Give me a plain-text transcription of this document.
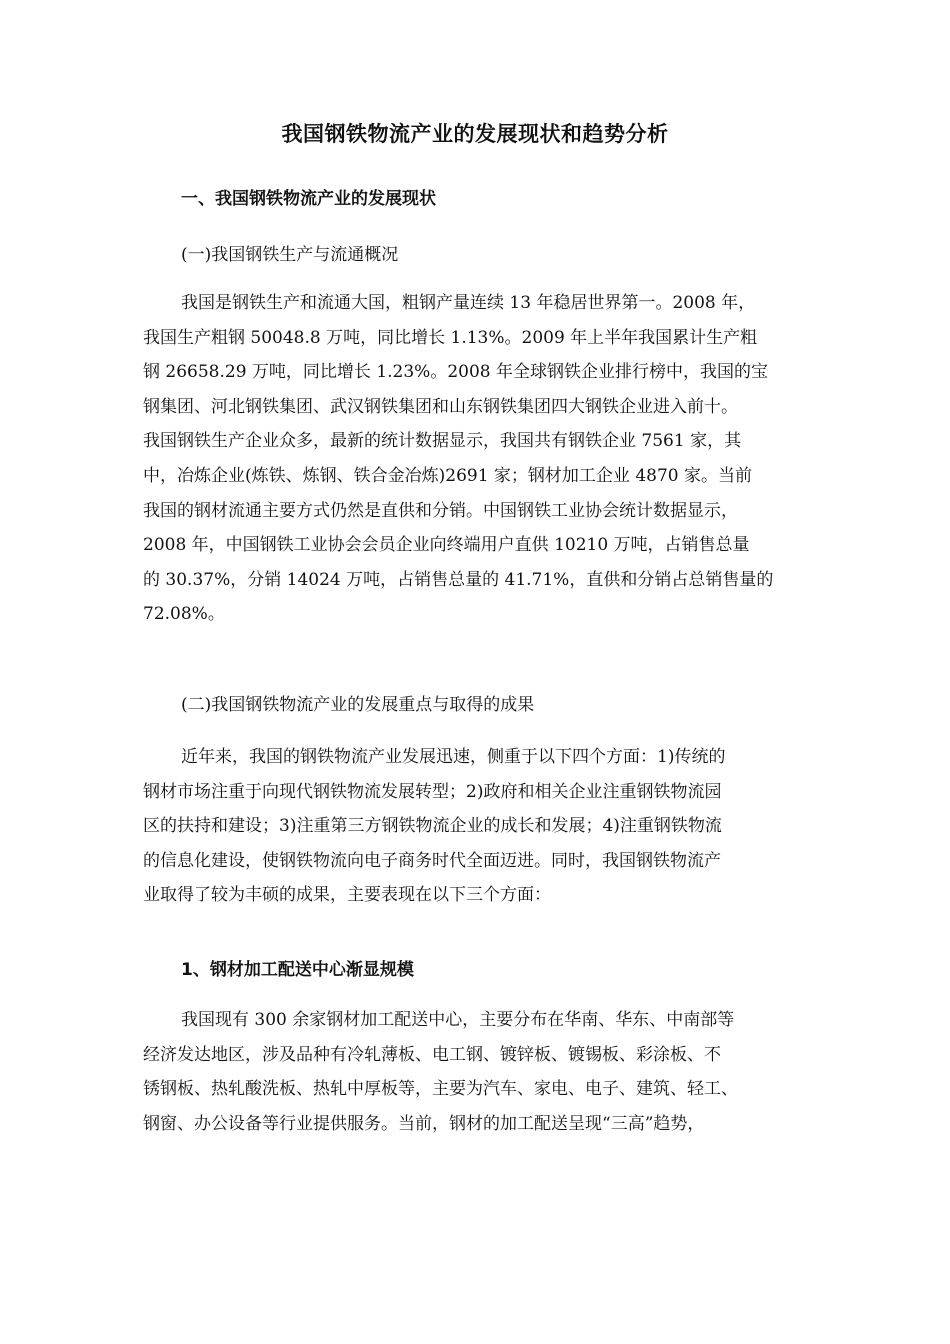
我国钢铁物流产业的发展现状和趋势分析
一、我国钢铁物流产业的发展现状
(一)我国钢铁生产与流通概况
我国是钢铁生产和流通大国，粗钢产量连续 13 年稳居世界第一。2008 年，
我国生产粗钢 50048.8 万吨，同比增长 1.13%。2009 年上半年我国累计生产粗
钢 26658.29 万吨，同比增长 1.23%。2008 年全球钢铁企业排行榜中，我国的宝
钢集团、河北钢铁集团、武汉钢铁集团和山东钢铁集团四大钢铁企业进入前十。
我国钢铁生产企业众多，最新的统计数据显示，我国共有钢铁企业 7561 家，其
中，冶炼企业(炼铁、炼钢、铁合金冶炼)2691 家；钢材加工企业 4870 家。当前
我国的钢材流通主要方式仍然是直供和分销。中国钢铁工业协会统计数据显示，
2008 年，中国钢铁工业协会会员企业向终端用户直供 10210 万吨，占销售总量
的 30.37%，分销 14024 万吨，占销售总量的 41.71%，直供和分销占总销售量的
72.08%。
(二)我国钢铁物流产业的发展重点与取得的成果
近年来，我国的钢铁物流产业发展迅速，侧重于以下四个方面：1)传统的
钢材市场注重于向现代钢铁物流发展转型；2)政府和相关企业注重钢铁物流园
区的扶持和建设；3)注重第三方钢铁物流企业的成长和发展；4)注重钢铁物流
的信息化建设，使钢铁物流向电子商务时代全面迈进。同时，我国钢铁物流产
业取得了较为丰硕的成果，主要表现在以下三个方面：
1、钢材加工配送中心渐显规模
我国现有 300 余家钢材加工配送中心，主要分布在华南、华东、中南部等
经济发达地区，涉及品种有冷轧薄板、电工钢、镀锌板、镀锡板、彩涂板、不
锈钢板、热轧酸洗板、热轧中厚板等，主要为汽车、家电、电子、建筑、轻工、
钢窗、办公设备等行业提供服务。当前，钢材的加工配送呈现“三高”趋势，
